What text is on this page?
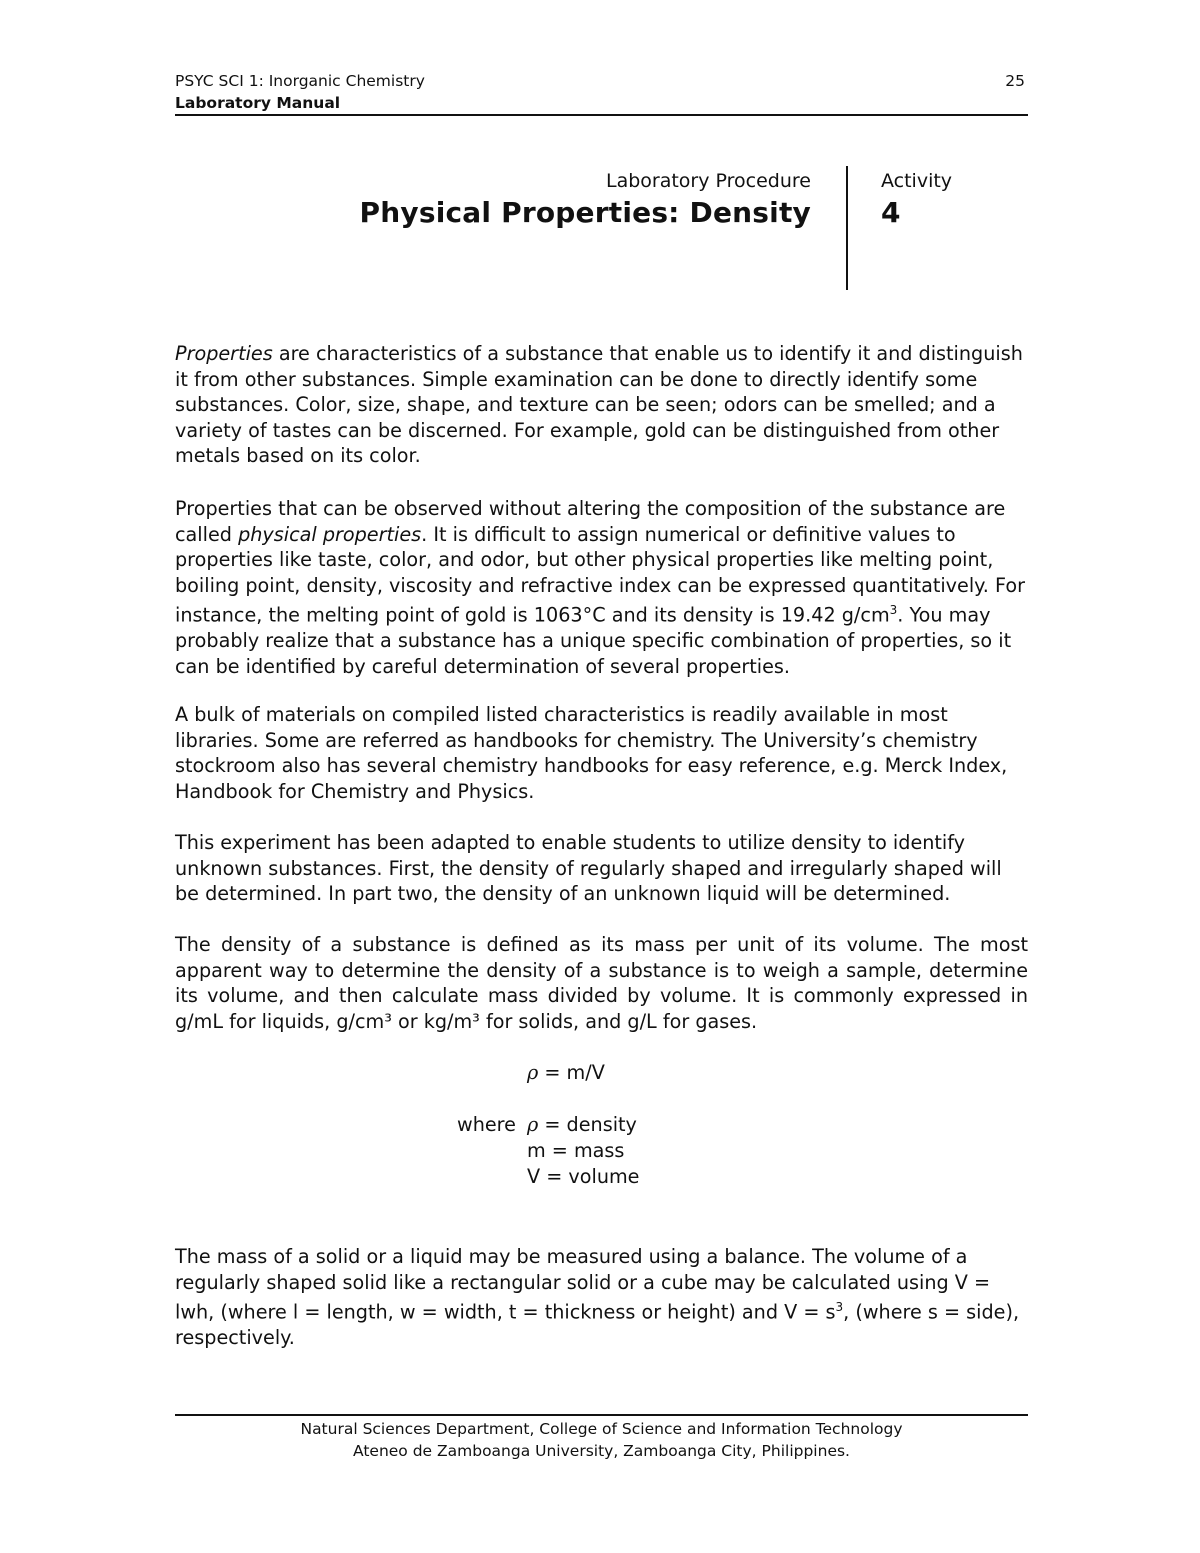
PSYC SCI 1: Inorganic Chemistry
Laboratory Manual
25
Laboratory Procedure
Physical Properties: Density
Activity
4

Properties are characteristics of a substance that enable us to identify it and distinguish it from other substances. Simple examination can be done to directly identify some substances. Color, size, shape, and texture can be seen; odors can be smelled; and a variety of tastes can be discerned. For example, gold can be distinguished from other metals based on its color.

Properties that can be observed without altering the composition of the substance are called physical properties. It is difficult to assign numerical or definitive values to properties like taste, color, and odor, but other physical properties like melting point, boiling point, density, viscosity and refractive index can be expressed quantitatively. For instance, the melting point of gold is 1063°C and its density is 19.42 $g/cm^3$. You may probably realize that a substance has a unique specific combination of properties, so it can be identified by careful determination of several properties.

A bulk of materials on compiled listed characteristics is readily available in most libraries. Some are referred as handbooks for chemistry. The University’s chemistry stockroom also has several chemistry handbooks for easy reference, e.g. Merck Index, Handbook for Chemistry and Physics.

This experiment has been adapted to enable students to utilize density to identify unknown substances. First, the density of regularly shaped and irregularly shaped will be determined. In part two, the density of an unknown liquid will be determined.

The density of a substance is defined as its mass per unit of its volume. The most apparent way to determine the density of a substance is to weigh a sample, determine its volume, and then calculate mass divided by volume. It is commonly expressed in g/mL for liquids, g/cm³ or kg/m³ for solids, and g/L for gases.

ρ = m/V
where ρ = density
m = mass
V = volume

The mass of a solid or a liquid may be measured using a balance. The volume of a regularly shaped solid like a rectangular solid or a cube may be calculated using V = lwh, (where l = length, w = width, t = thickness or height) and $V = s^3$, (where s = side), respectively.

Natural Sciences Department, College of Science and Information Technology
Ateneo de Zamboanga University, Zamboanga City, Philippines.
